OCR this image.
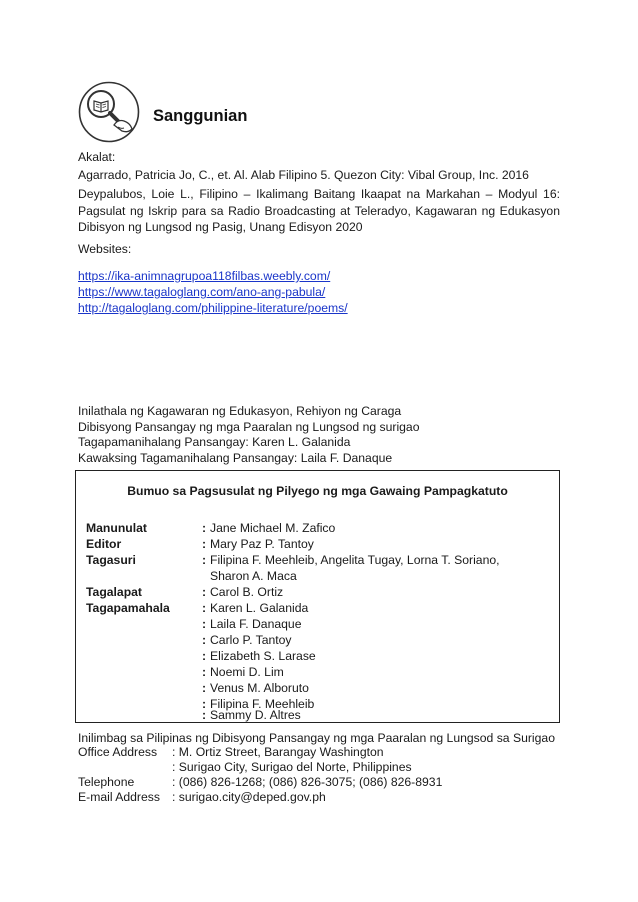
Sanggunian
Akalat:
Agarrado, Patricia Jo, C., et. Al. Alab Filipino 5. Quezon City: Vibal Group, Inc. 2016
Deypalubos, Loie L., Filipino – Ikalimang Baitang Ikaapat na Markahan – Modyul 16: Pagsulat ng Iskrip para sa Radio Broadcasting at Teleradyo, Kagawaran ng Edukasyon Dibisyon ng Lungsod ng Pasig, Unang Edisyon 2020
Websites:
https://ika-animnagrupoa118filbas.weebly.com/
https://www.tagaloglang.com/ano-ang-pabula/
http://tagaloglang.com/philippine-literature/poems/
Inilathala ng Kagawaran ng Edukasyon, Rehiyon ng Caraga
Dibisyong Pansangay ng mga Paaralan ng Lungsod ng surigao
Tagapamanihalang Pansangay: Karen L. Galanida
Kawaksing Tagamanihalang Pansangay: Laila F. Danaque
Bumuo sa Pagsusulat ng Pilyego ng mga Gawaing Pampagkatuto
Manunulat	: Jane Michael M. Zafico
Editor	: Mary Paz P. Tantoy
Tagasuri	: Filipina F. Meehleib, Angelita Tugay, Lorna T. Soriano,
Sharon A. Maca
Tagalapat	: Carol B. Ortiz
Tagapamahala	: Karen L. Galanida
: Laila F. Danaque
: Carlo P. Tantoy
: Elizabeth S. Larase
: Noemi D. Lim
: Venus M. Alboruto
: Filipina F. Meehleib
: Sammy D. Altres
Inilimbag sa Pilipinas ng Dibisyong Pansangay ng mga Paaralan ng Lungsod sa Surigao
Office Address	: M. Ortiz Street, Barangay Washington
: Surigao City, Surigao del Norte, Philippines
Telephone	: (086) 826-1268; (086) 826-3075; (086) 826-8931
E-mail Address : surigao.city@deped.gov.ph
